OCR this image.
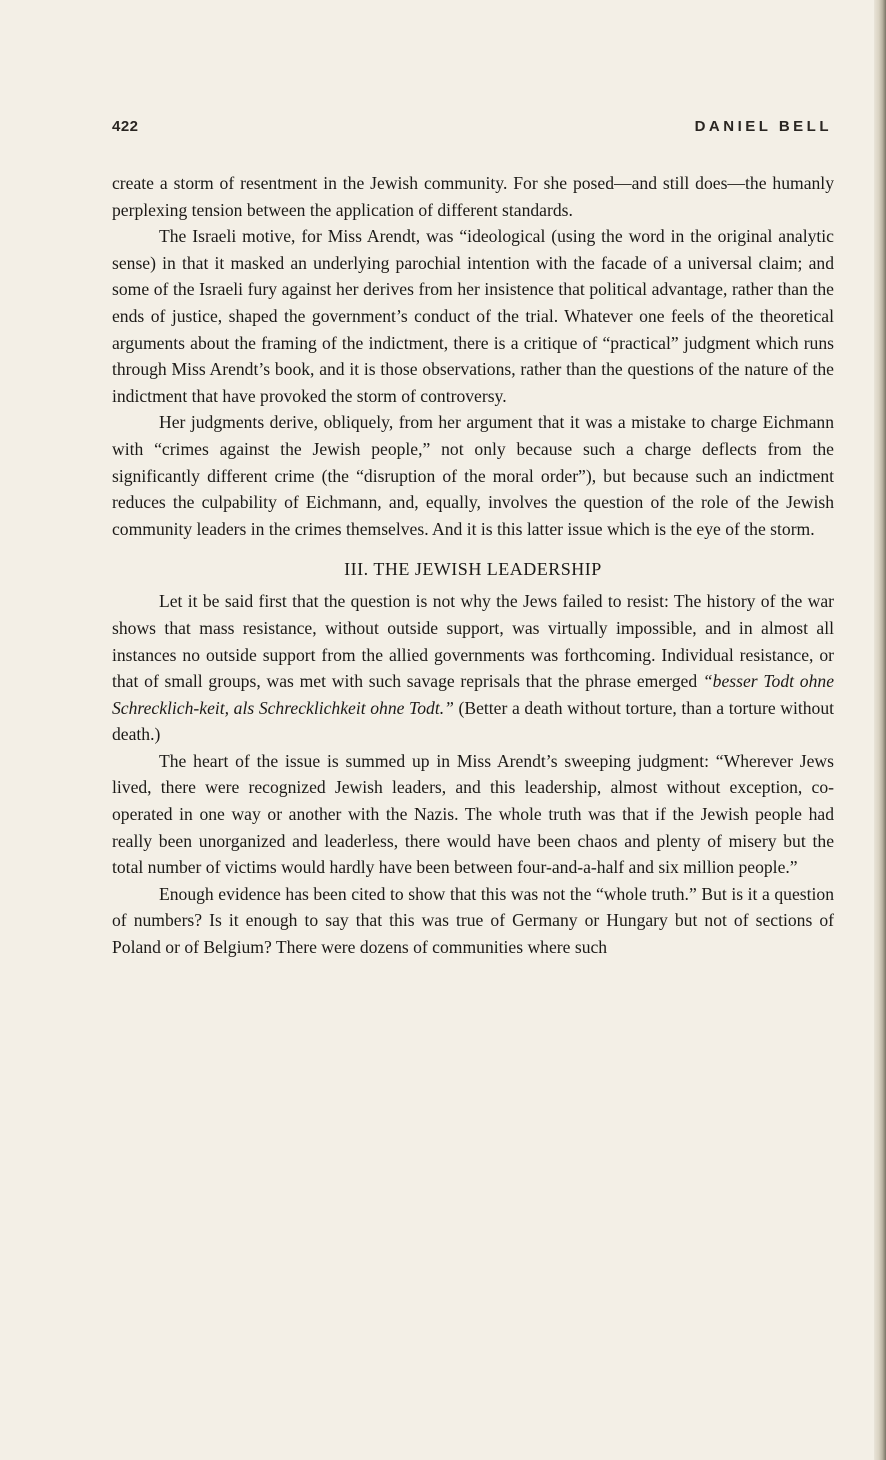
422	DANIEL BELL

create a storm of resentment in the Jewish community. For she posed—and still does—the humanly perplexing tension between the application of different standards.

The Israeli motive, for Miss Arendt, was “ideological (using the word in the original analytic sense) in that it masked an underlying parochial intention with the facade of a universal claim; and some of the Israeli fury against her derives from her insistence that political advantage, rather than the ends of justice, shaped the government’s conduct of the trial. Whatever one feels of the theoretical arguments about the framing of the indictment, there is a critique of “practical” judgment which runs through Miss Arendt’s book, and it is those observations, rather than the questions of the nature of the indictment that have provoked the storm of controversy.

Her judgments derive, obliquely, from her argument that it was a mistake to charge Eichmann with “crimes against the Jewish people,” not only because such a charge deflects from the significantly different crime (the “disruption of the moral order”), but because such an indictment reduces the culpability of Eichmann, and, equally, involves the question of the role of the Jewish community leaders in the crimes themselves. And it is this latter issue which is the eye of the storm.

III. THE JEWISH LEADERSHIP

Let it be said first that the question is not why the Jews failed to resist: The history of the war shows that mass resistance, without outside support, was virtually impossible, and in almost all instances no outside support from the allied governments was forthcoming. Individual resistance, or that of small groups, was met with such savage reprisals that the phrase emerged “besser Todt ohne Schrecklich-keit, als Schrecklichkeit ohne Todt.” (Better a death without torture, than a torture without death.)

The heart of the issue is summed up in Miss Arendt’s sweeping judgment: “Wherever Jews lived, there were recognized Jewish leaders, and this leadership, almost without exception, co-operated in one way or another with the Nazis. The whole truth was that if the Jewish people had really been unorganized and leaderless, there would have been chaos and plenty of misery but the total number of victims would hardly have been between four-and-a-half and six million people.”

Enough evidence has been cited to show that this was not the “whole truth.” But is it a question of numbers? Is it enough to say that this was true of Germany or Hungary but not of sections of Poland or of Belgium? There were dozens of communities where such
